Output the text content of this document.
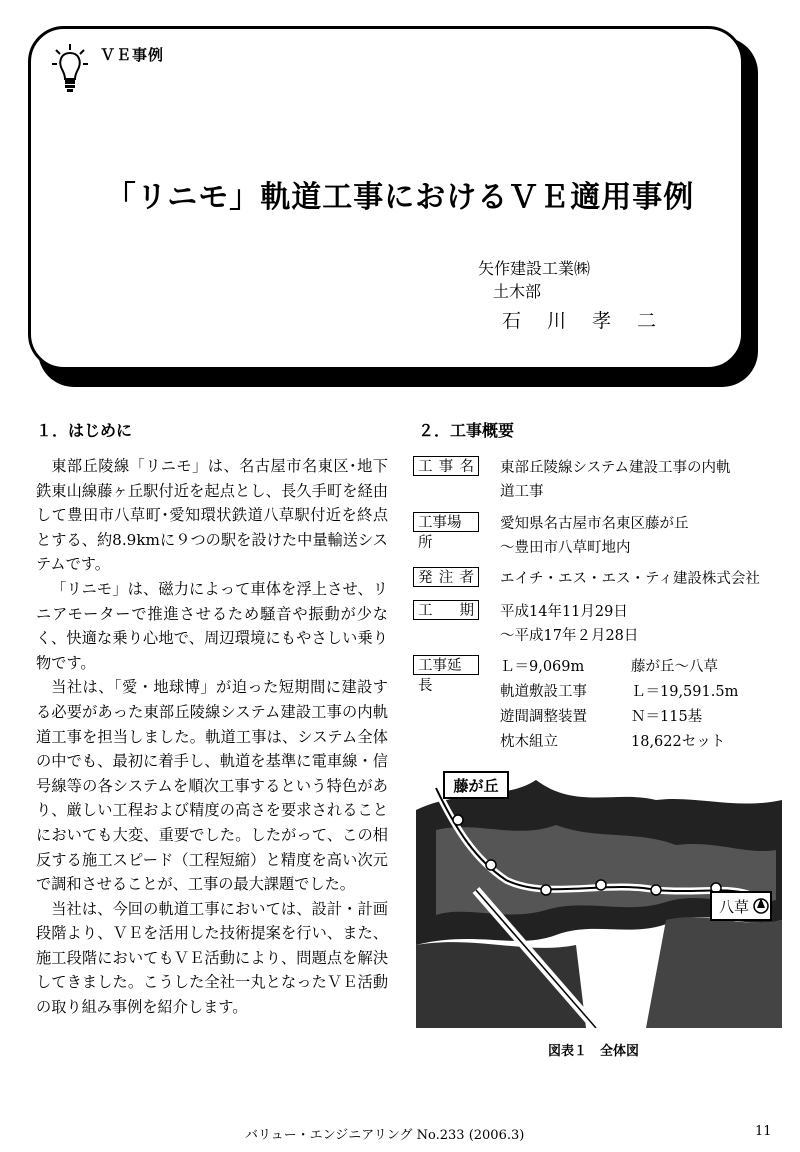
ＶＥ事例
「リニモ」軌道工事におけるＶＥ適用事例
矢作建設工業㈱
土木部
石川孝二
１．はじめに

東部丘陵線「リニモ」は、名古屋市名東区･地下鉄東山線藤ヶ丘駅付近を起点とし、長久手町を経由して豊田市八草町･愛知環状鉄道八草駅付近を終点とする、約8.9kmに９つの駅を設けた中量輸送システムです。

「リニモ」は、磁力によって車体を浮上させ、リニアモーターで推進させるため騒音や振動が少なく、快適な乗り心地で、周辺環境にもやさしい乗り物です。

当社は、「愛・地球博」が迫った短期間に建設する必要があった東部丘陵線システム建設工事の内軌道工事を担当しました。軌道工事は、システム全体の中でも、最初に着手し、軌道を基準に電車線・信号線等の各システムを順次工事するという特色があり、厳しい工程および精度の高さを要求されることにおいても大変、重要でした。したがって、この相反する施工スピード（工程短縮）と精度を高い次元で調和させることが、工事の最大課題でした。

当社は、今回の軌道工事においては、設計・計画段階より、ＶＥを活用した技術提案を行い、また、施工段階においてもＶＥ活動により、問題点を解決してきました。こうした全社一丸となったＶＥ活動の取り組み事例を紹介します。

２．工事概要
工 事 名 東部丘陵線システム建設工事の内軌
道工事
工事場所
愛知県名古屋市名東区藤が丘
～豊田市八草町地内
発 注 者 エイチ・エス・エス・ティ建設株式会社
工 期 平成14年11月29日
～平成17年２月28日
工事延長
Ｌ＝9,069m	藤が丘～八草
軌道敷設工事	Ｌ＝19,591.5m
遊間調整装置	Ｎ＝115基
枕木組立	18,622セット
藤が丘
八草
図表１　全体図
バリュー・エンジニアリング No.233 (2006.3)	11
